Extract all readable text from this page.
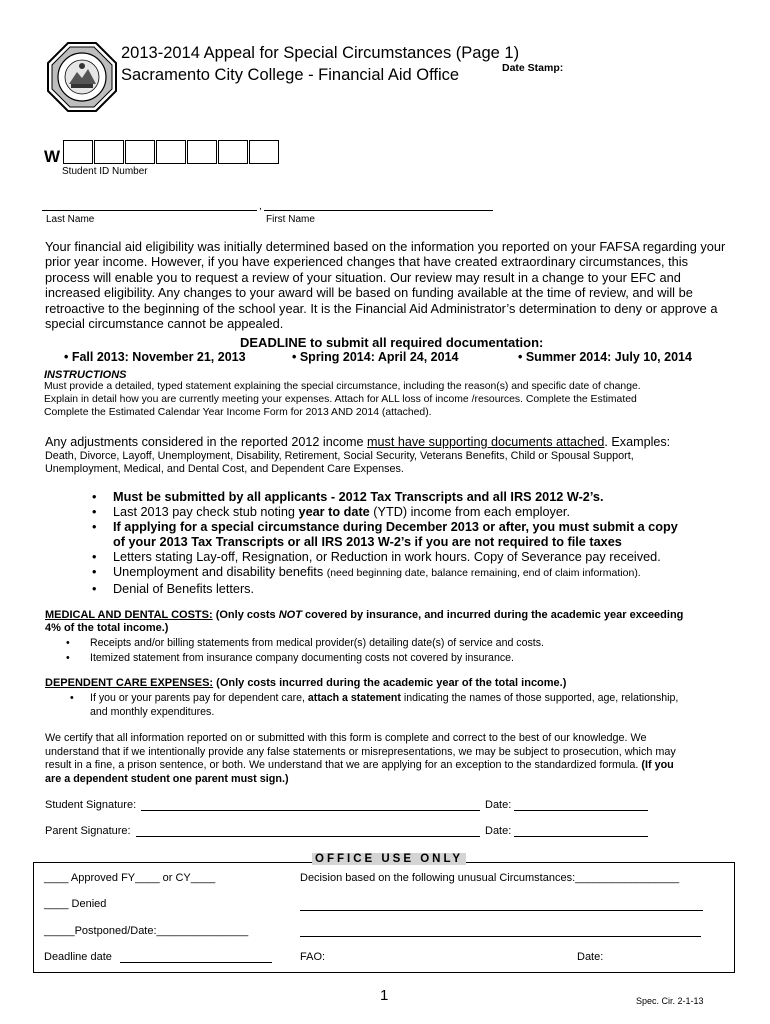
2013-2014 Appeal for Special Circumstances (Page 1)
Sacramento City College - Financial Aid Office	Date Stamp:
W
Student ID Number
,
Last Name	First Name
Your financial aid eligibility was initially determined based on the information you reported on your FAFSA regarding your
prior year income. However, if you have experienced changes that have created extraordinary circumstances, this
process will enable you to request a review of your situation. Our review may result in a change to your EFC and
increased eligibility. Any changes to your award will be based on funding available at the time of review, and will be
retroactive to the beginning of the school year. It is the Financial Aid Administrator’s determination to deny or approve a
special circumstance cannot be appealed.
DEADLINE to submit all required documentation:
• Fall 2013: November 21, 2013	• Spring 2014: April 24, 2014	• Summer 2014: July 10, 2014
INSTRUCTIONS
Must provide a detailed, typed statement explaining the special circumstance, including the reason(s) and specific date of change.
Explain in detail how you are currently meeting your expenses. Attach for ALL loss of income /resources. Complete the Estimated
Complete the Estimated Calendar Year Income Form for 2013 AND 2014 (attached).
Any adjustments considered in the reported 2012 income must have supporting documents attached. Examples:
Death, Divorce, Layoff, Unemployment, Disability, Retirement, Social Security, Veterans Benefits, Child or Spousal Support,
Unemployment, Medical, and Dental Cost, and Dependent Care Expenses.
• Must be submitted by all applicants - 2012 Tax Transcripts and all IRS 2012 W-2’s.
• Last 2013 pay check stub noting year to date (YTD) income from each employer.
• If applying for a special circumstance during December 2013 or after, you must submit a copy
of your 2013 Tax Transcripts or all IRS 2013 W-2’s if you are not required to file taxes
• Letters stating Lay-off, Resignation, or Reduction in work hours. Copy of Severance pay received.
• Unemployment and disability benefits (need beginning date, balance remaining, end of claim information).
• Denial of Benefits letters.
MEDICAL AND DENTAL COSTS: (Only costs NOT covered by insurance, and incurred during the academic year exceeding
4% of the total income.)
• Receipts and/or billing statements from medical provider(s) detailing date(s) of service and costs.
• Itemized statement from insurance company documenting costs not covered by insurance.
DEPENDENT CARE EXPENSES: (Only costs incurred during the academic year of the total income.)
• If you or your parents pay for dependent care, attach a statement indicating the names of those supported, age, relationship,
and monthly expenditures.
We certify that all information reported on or submitted with this form is complete and correct to the best of our knowledge. We
understand that if we intentionally provide any false statements or misrepresentations, we may be subject to prosecution, which may
result in a fine, a prison sentence, or both. We understand that we are applying for an exception to the standardized formula. (If you
are a dependent student one parent must sign.)
Student Signature:	Date:
Parent Signature:	Date:
OFFICE USE ONLY
____ Approved FY____ or CY____	Decision based on the following unusual Circumstances:_________________
____ Denied
_____Postponed/Date:_______________
Deadline date	FAO:	Date:
1	Spec. Cir. 2-1-13
